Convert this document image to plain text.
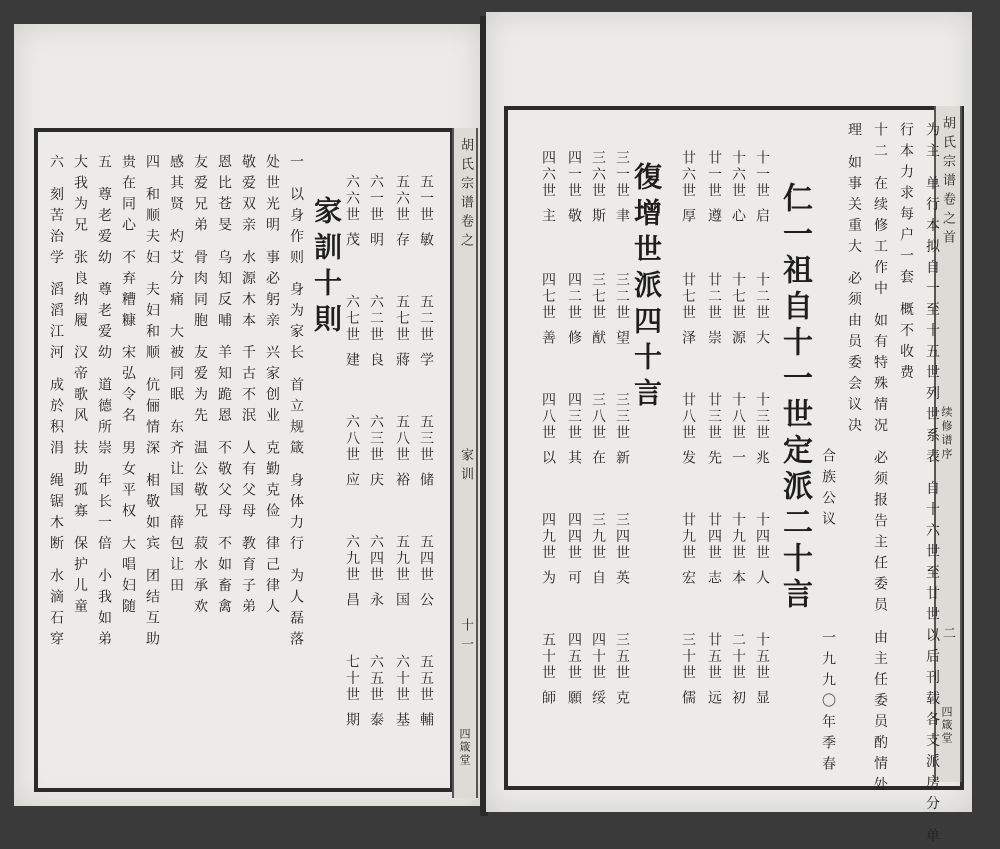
胡氏宗谱卷之
家训
十一
四箴堂
五一世
敏
五二世
学
五三世
储
五四世
公
五五世
輔
五六世
存
五七世
蔣
五八世
裕
五九世
国
六十世
基
六一世
明
六二世
良
六三世
庆
六四世
永
六五世
泰
六六世
茂
六七世
建
六八世
应
六九世
昌
七十世
期
家訓十則
一 以身作则 身为家长 首立规箴 身体力行 为人磊落
处世光明 事必躬亲 兴家创业 克勤克俭 律己律人
敬爱双亲 水源木本 千古不泯 人有父母 教育子弟
恩比苍旻 乌知反哺 羊知跪恩 不敬父母 不如畜禽
友爱兄弟 骨肉同胞 友爱为先 温公敬兄 菽水承欢
感其贤 灼艾分痛 大被同眠 东齐让国 薛包让田
四 和顺夫妇 夫妇和顺 伉俪情深 相敬如宾 团结互助
贵在同心 不弃糟糠 宋弘令名 男女平权 大唱妇随
五 尊老爱幼 尊老爱幼 道德所崇 年长一倍 小我如弟
大我为兄 张良纳履 汉帝歌风 扶助孤寡 保护儿童
六 刻苦治学 滔滔江河 成於积涓 绳锯木断 水滴石穿	胡氏宗谱卷之首
续修谱序
二
四箴堂
为主 单行本拟自一至十五世列世系表 自十六世至廿世以后刊载各支派房分 单
行本力求每户一套 概不收费
十二 在续修工作中 如有特殊情况 必须报告主任委员 由主任委员酌情处
理 如事关重大 必须由员委会议决
合族公议
一九九〇年季春
仁一祖自十一世定派二十言
十一世
启
十二世
大
十三世
兆
十四世
人
十五世
显
十六世
心
十七世
源
十八世
一
十九世
本
二十世
初
廿一世
遵
廿二世
崇
廿三世
先
廿四世
志
廿五世
远
廿六世
厚
廿七世
泽
廿八世
发
廿九世
宏
三十世
儒
復增世派四十言
三一世
聿
三二世
望
三三世
新
三四世
英
三五世
克
三六世
斯
三七世
猷
三八世
在
三九世
自
四十世
绥
四一世
敬
四二世
修
四三世
其
四四世
可
四五世
願
四六世
主
四七世
善
四八世
以
四九世
为
五十世
師
